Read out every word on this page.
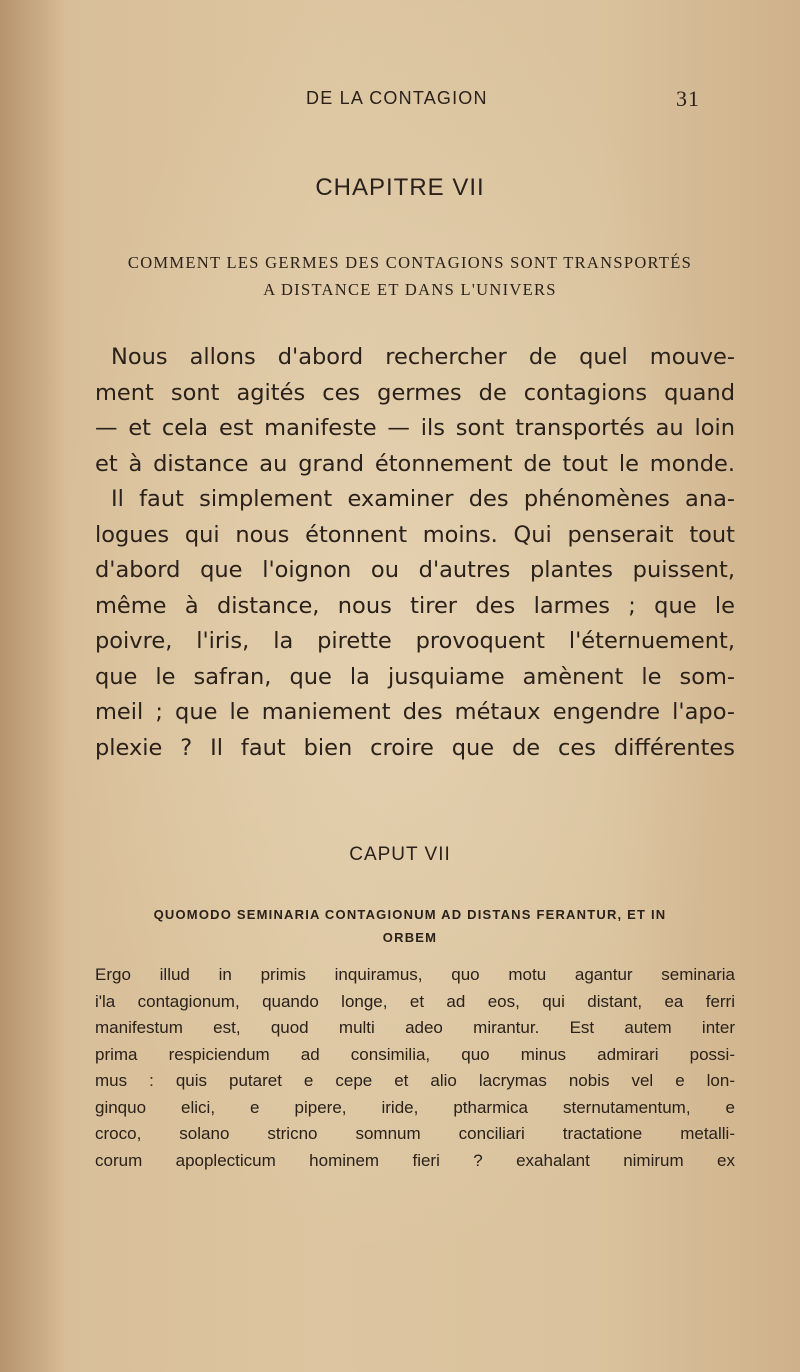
DE LA CONTAGION	31
CHAPITRE VII
COMMENT LES GERMES DES CONTAGIONS SONT TRANSPORTÉS
A DISTANCE ET DANS L'UNIVERS
Nous allons d'abord rechercher de quel mouve-
ment sont agités ces germes de contagions quand
— et cela est manifeste — ils sont transportés au loin
et à distance au grand étonnement de tout le monde.
Il faut simplement examiner des phénomènes ana-
logues qui nous étonnent moins. Qui penserait tout
d'abord que l'oignon ou d'autres plantes puissent,
même à distance, nous tirer des larmes ; que le
poivre, l'iris, la pirette provoquent l'éternuement,
que le safran, que la jusquiame amènent le som-
meil ; que le maniement des métaux engendre l'apo-
plexie ? Il faut bien croire que de ces différentes
CAPUT VII
QUOMODO SEMINARIA CONTAGIONUM AD DISTANS FERANTUR, ET IN
ORBEM
Ergo illud in primis inquiramus, quo motu agantur seminaria
i'la contagionum, quando longe, et ad eos, qui distant, ea ferri
manifestum est, quod multi adeo mirantur. Est autem inter
prima respiciendum ad consimilia, quo minus admirari possi-
mus : quis putaret e cepe et alio lacrymas nobis vel e lon-
ginquo elici, e pipere, iride, ptharmica sternutamentum, e
croco, solano stricno somnum conciliari tractatione metalli-
corum apoplecticum hominem fieri ? exahalant nimirum ex
